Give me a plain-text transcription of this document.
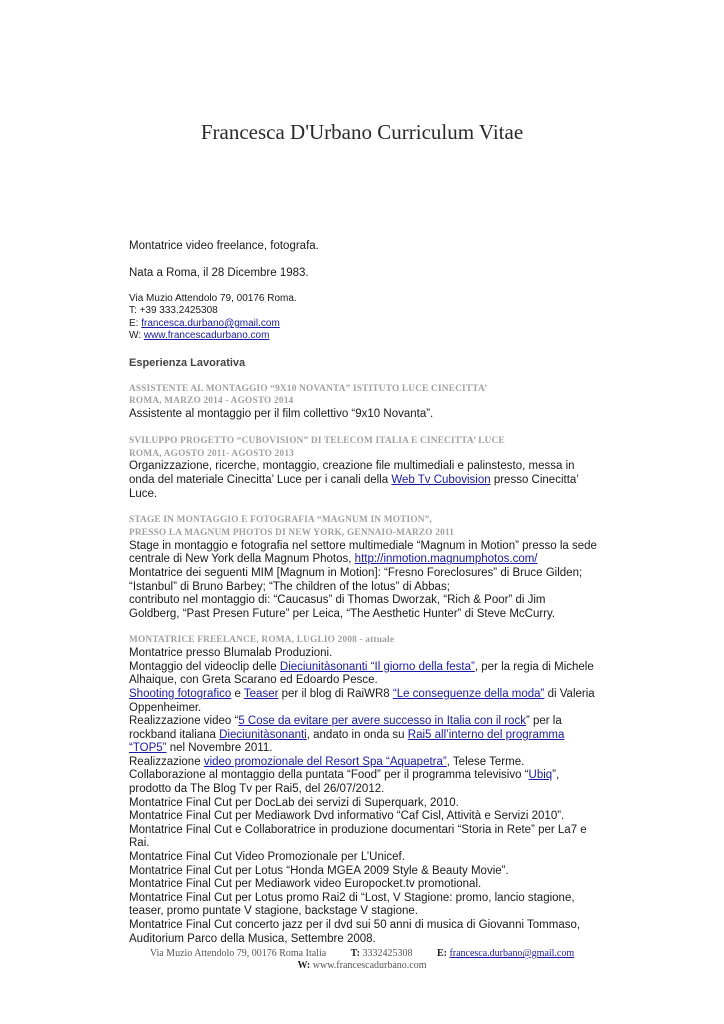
Francesca D'Urbano Curriculum Vitae

Montatrice video freelance, fotografa.

Nata a Roma, il 28 Dicembre 1983.

Via Muzio Attendolo 79, 00176 Roma.

T: +39 333.2425308

E: francesca.durbano@gmail.com

W: www.francescadurbano.com

Esperienza Lavorativa

ASSISTENTE AL MONTAGGIO “9X10 NOVANTA” ISTITUTO LUCE CINECITTA’

ROMA, MARZO 2014 - AGOSTO 2014

Assistente al montaggio per il film collettivo “9x10 Novanta”.

SVILUPPO PROGETTO “CUBOVISION” DI TELECOM ITALIA E CINECITTA’ LUCE

ROMA, AGOSTO 2011- AGOSTO 2013

Organizzazione, ricerche, montaggio, creazione file multimediali e palinstesto, messa in onda del materiale Cinecitta’ Luce per i canali della Web Tv Cubovision presso Cinecitta’ Luce.

STAGE IN MONTAGGIO E FOTOGRAFIA “MAGNUM IN MOTION”,

PRESSO LA MAGNUM PHOTOS DI NEW YORK, GENNAIO-MARZO 2011

Stage in montaggio e fotografia nel settore multimediale “Magnum in Motion” presso la sede centrale di New York della Magnum Photos, http://inmotion.magnumphotos.com/

Montatrice dei seguenti MIM [Magnum in Motion]: “Fresno Foreclosures” di Bruce Gilden; “Istanbul” di Bruno Barbey; “The children of the lotus” di Abbas;

contributo nel montaggio di: “Caucasus” di Thomas Dworzak, “Rich & Poor” di Jim Goldberg, “Past Presen Future” per Leica, “The Aesthetic Hunter” di Steve McCurry.

MONTATRICE FREELANCE, ROMA, LUGLIO 2008 - attuale

Montatrice presso Blumalab Produzioni.

Montaggio del videoclip delle Dieciunitàsonanti “Il giorno della festa”, per la regia di Michele Alhaique, con Greta Scarano ed Edoardo Pesce.

Shooting fotografico e Teaser per il blog di RaiWR8 “Le conseguenze della moda” di Valeria Oppenheimer.

Realizzazione video “5 Cose da evitare per avere successo in Italia con il rock” per la rockband italiana Dieciunitàsonanti, andato in onda su Rai5 all’interno del programma “TOP5” nel Novembre 2011.

Realizzazione video promozionale del Resort Spa “Aquapetra”, Telese Terme.

Collaborazione al montaggio della puntata “Food” per il programma televisivo “Ubiq”, prodotto da The Blog Tv per Rai5, del 26/07/2012.

Montatrice Final Cut per DocLab dei servizi di Superquark, 2010.

Montatrice Final Cut per Mediawork Dvd informativo “Caf Cisl, Attività e Servizi 2010”.

Montatrice Final Cut e Collaboratrice in produzione documentari “Storia in Rete” per La7 e Rai.

Montatrice Final Cut Video Promozionale per L’Unicef.

Montatrice Final Cut per Lotus “Honda MGEA 2009 Style & Beauty Movie”.

Montatrice Final Cut per Mediawork video Europocket.tv promotional.

Montatrice Final Cut per Lotus promo Rai2 di “Lost, V Stagione: promo, lancio stagione, teaser, promo puntate V stagione, backstage V stagione.

Montatrice Final Cut concerto jazz per il dvd sui 50 anni di musica di Giovanni Tommaso, Auditorium Parco della Musica, Settembre 2008.

Via Muzio Attendolo 79, 00176 Roma Italia T: 3332425308 E: francesca.durbano@gmail.com
W: www.francescadurbano.com
